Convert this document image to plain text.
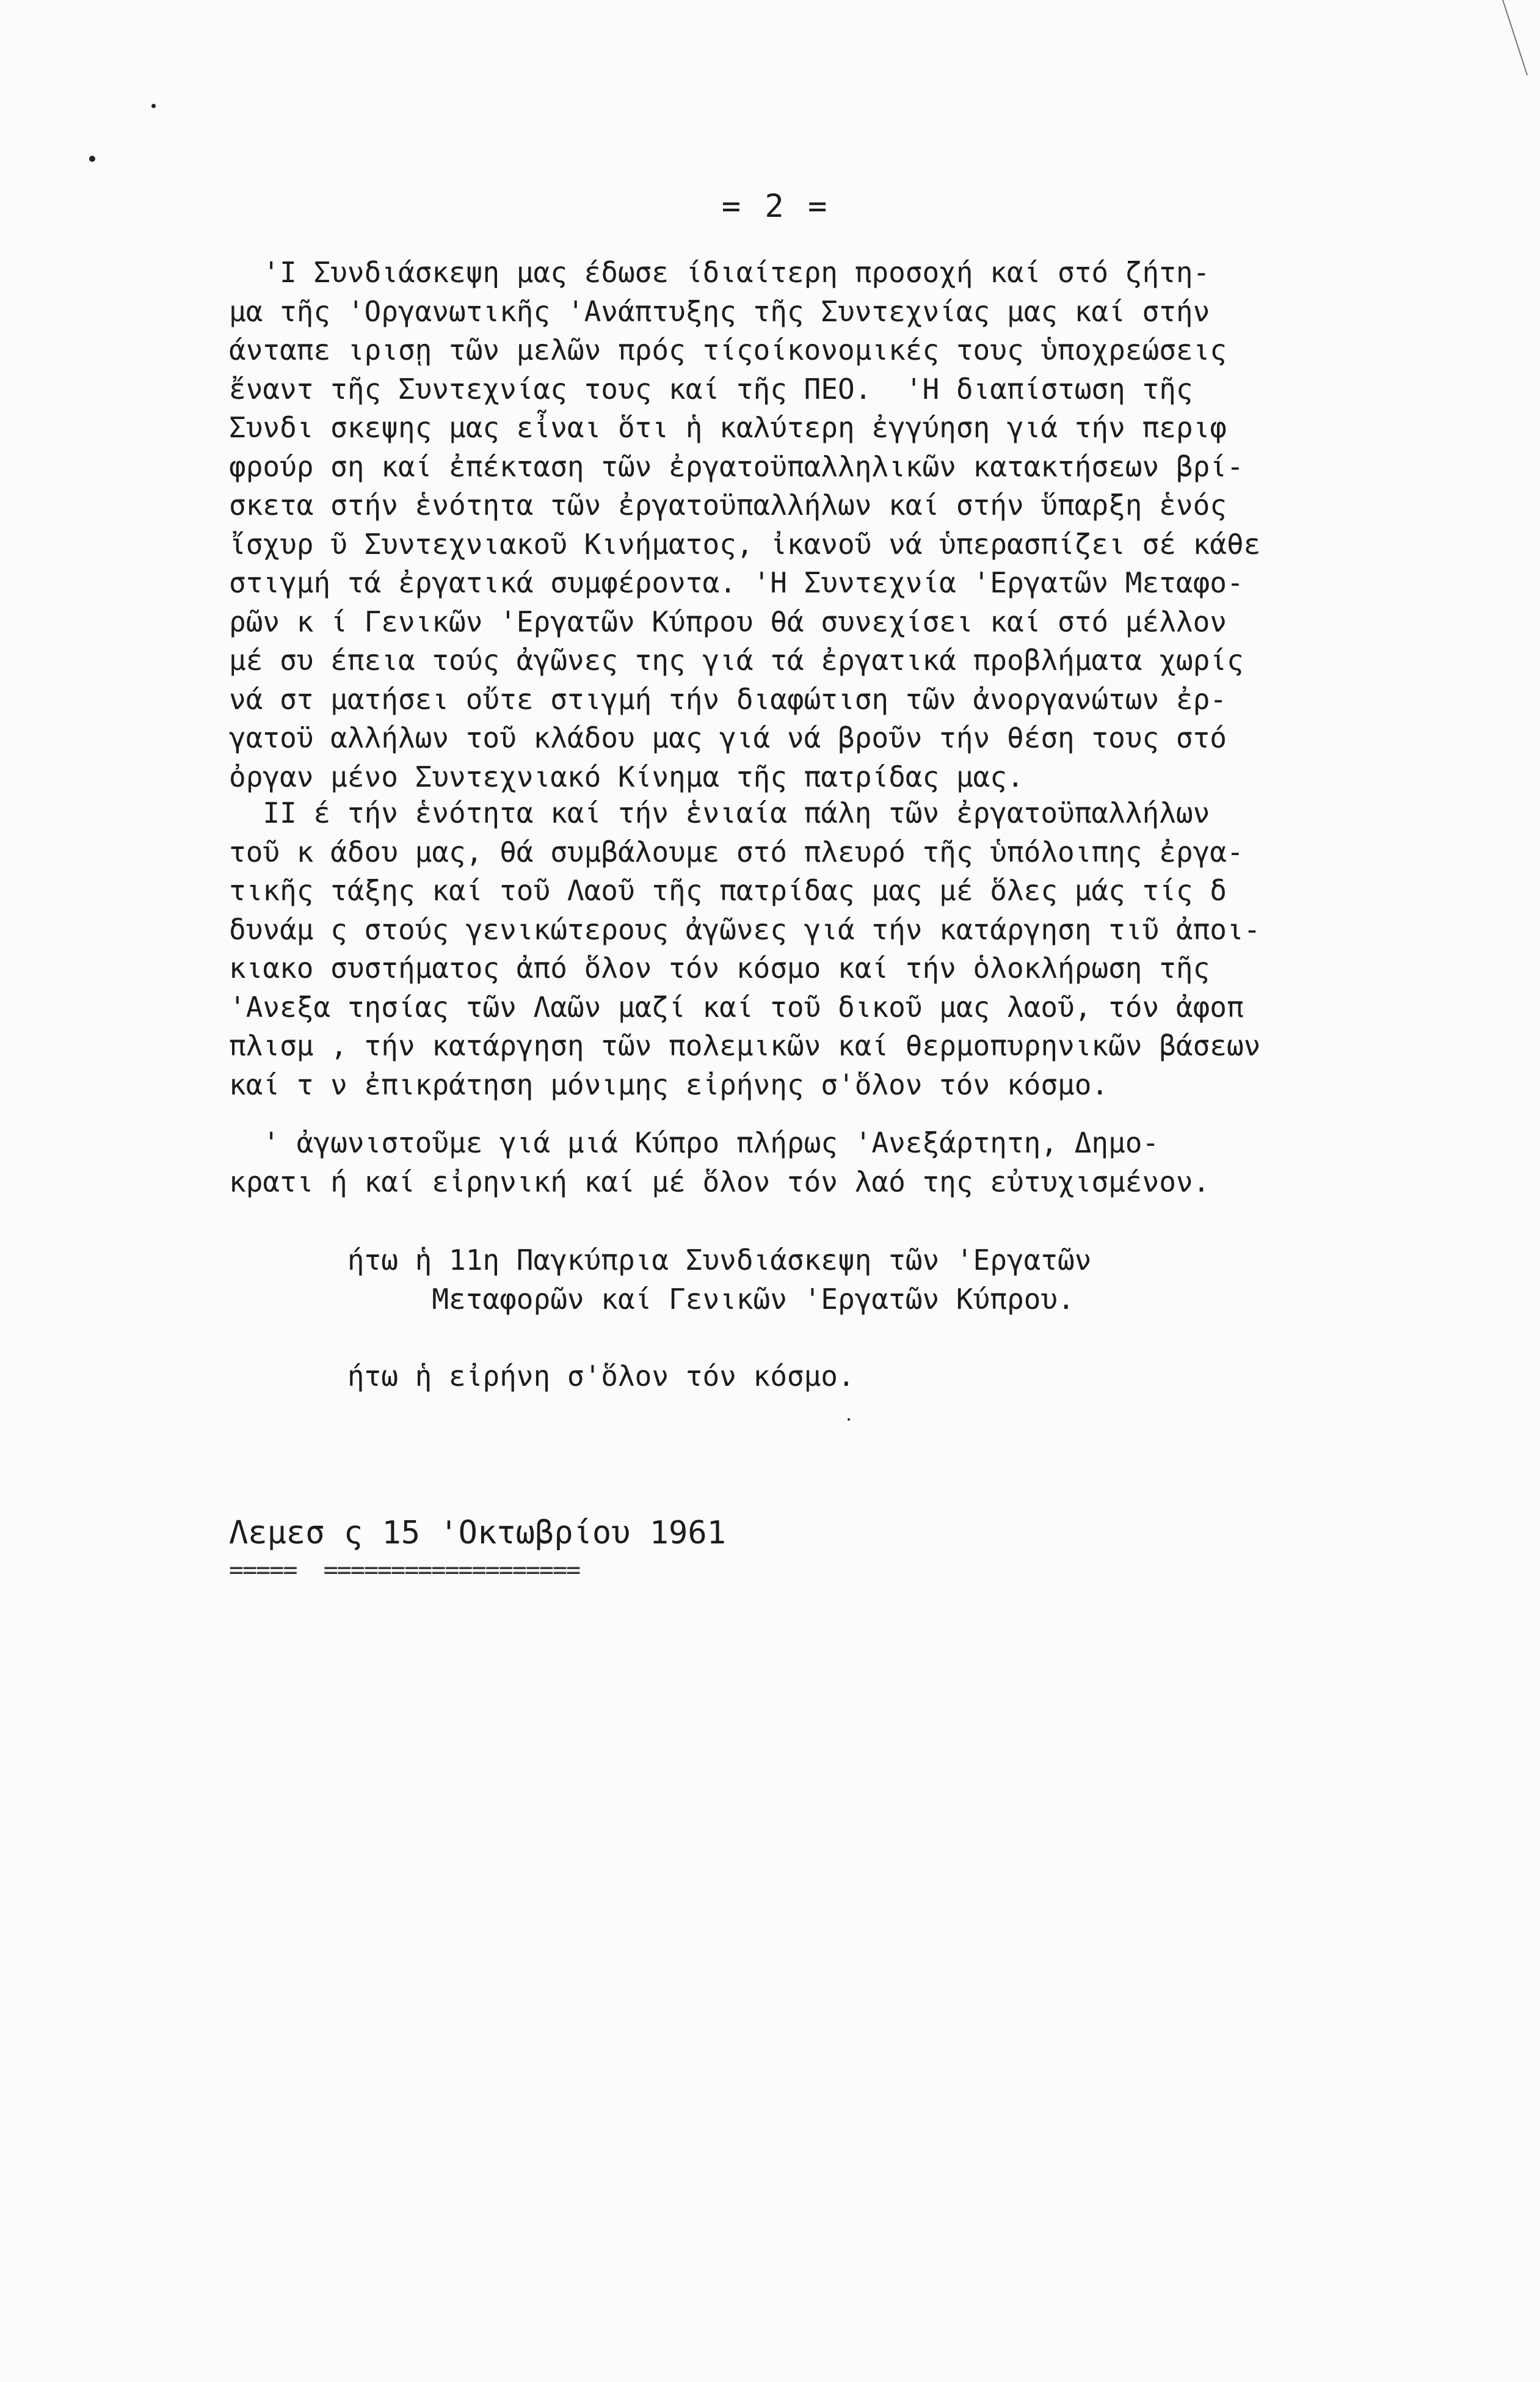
= 2 =
'Ι Συνδιάσκεψη μας έδωσε ίδιαίτερη προσοχή καί στό ζήτη-
μα τῆς 'Οργανωτικῆς 'Ανάπτυξης τῆς Συντεχνίας μας καί στήν
άνταπε ιρισῃ τῶν μελῶν πρός τίςοίκονομικές τους ὑποχρεώσεις
ἔναντ τῆς Συντεχνίας τους καί τῆς ΠΕΟ.  'Η διαπίστωση τῆς
Συνδι σκεψης μας εἶναι ὅτι ἡ καλύτερη ἐγγύηση γιά τήν περιφ
φρούρ ση καί ἐπέκταση τῶν ἐργατοϋπαλληλικῶν κατακτήσεων βρί-
σκετα στήν ἑνότητα τῶν ἐργατοϋπαλλήλων καί στήν ὕπαρξη ἑνός
ἴσχυρ ῦ Συντεχνιακοῦ Κινήματος, ἰκανοῦ νά ὑπερασπίζει σέ κάθε
στιγμή τά ἐργατικά συμφέροντα. 'Η Συντεχνία 'Εργατῶν Μεταφο-
ρῶν κ ί Γενικῶν 'Εργατῶν Κύπρου θά συνεχίσει καί στό μέλλον
μέ συ έπεια τούς ἀγῶνες της γιά τά ἐργατικά προβλήματα χωρίς
νά στ ματήσει οὔτε στιγμή τήν διαφώτιση τῶν ἀνοργανώτων ἐρ-
γατοϋ αλλήλων τοῦ κλάδου μας γιά νά βροῦν τήν θέση τους στό
ὀργαν μένο Συντεχνιακό Κίνημα τῆς πατρίδας μας.
ΙΙ έ τήν ἑνότητα καί τήν ἑνιαία πάλη τῶν ἐργατοϋπαλλήλων
τοῦ κ άδου μας, θά συμβάλουμε στό πλευρό τῆς ὑπόλοιπης ἐργα-
τικῆς τάξης καί τοῦ Λαοῦ τῆς πατρίδας μας μέ ὅλες μάς τίς δ
δυνάμ ς στούς γενικώτερους ἀγῶνες γιά τήν κατάργηση τιῦ ἀποι-
κιακο συστήματος ἀπό ὅλον τόν κόσμο καί τήν ὁλοκλήρωση τῆς
'Ανεξα τησίας τῶν Λαῶν μαζί καί τοῦ δικοῦ μας λαοῦ, τόν ἀφοπ
πλισμ , τήν κατάργηση τῶν πολεμικῶν καί θερμοπυρηνικῶν βάσεων
καί τ ν ἐπικράτηση μόνιμης εἰρήνης σ'ὅλον τόν κόσμο.
' ἀγωνιστοῦμε γιά μιά Κύπρο πλήρως 'Ανεξάρτητη, Δημο-
κρατι ή καί εἰρηνική καί μέ ὅλον τόν λαό της εὐτυχισμένον.
ήτω ἡ 11η Παγκύπρια Συνδιάσκεψη τῶν 'Εργατῶν
Μεταφορῶν καί Γενικῶν 'Εργατῶν Κύπρου.
ήτω ἡ εἰρήνη σ'ὅλον τόν κόσμο.
Λεμεσ ς 15 'Οκτωβρίου 1961
=====  ===================
